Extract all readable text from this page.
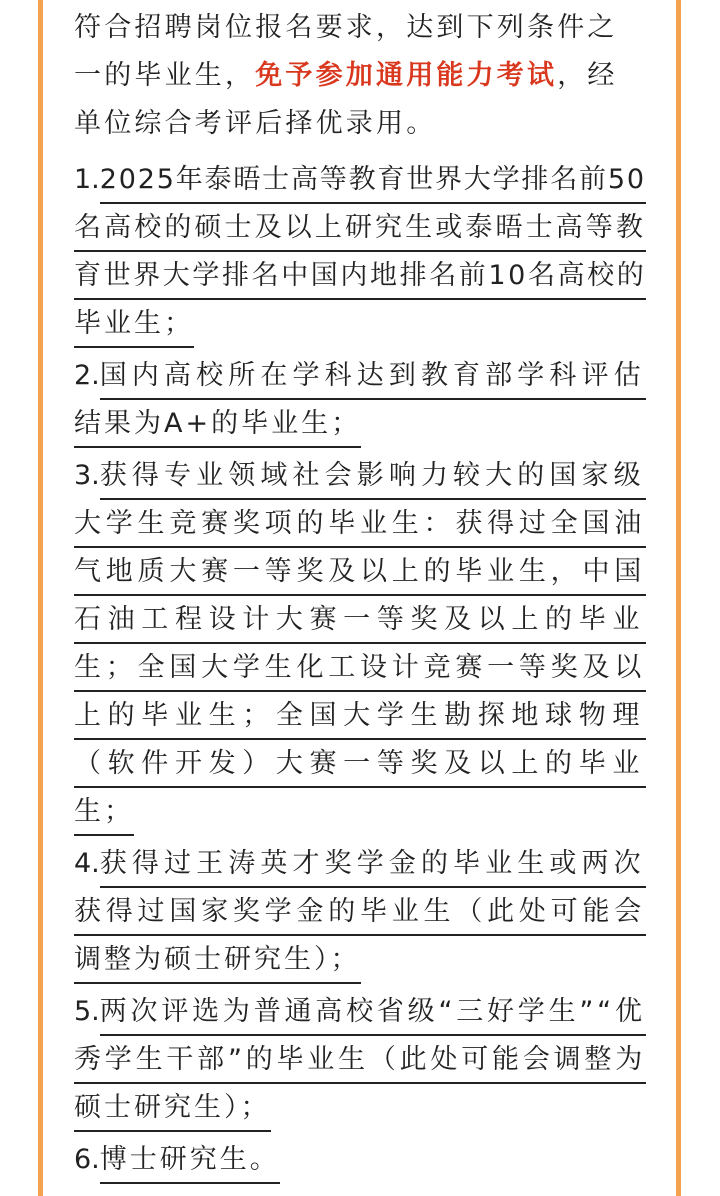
符合招聘岗位报名要求，达到下列条件之一的毕业生，免予参加通用能力考试，经单位综合考评后择优录用。

1.2025年泰晤士高等教育世界大学排名前50
名高校的硕士及以上研究生或泰晤士高等教
育世界大学排名中国内地排名前10名高校的
毕业生；
2.国内高校所在学科达到教育部学科评估
结果为A+的毕业生；
3.获得专业领域社会影响力较大的国家级
大学生竞赛奖项的毕业生：获得过全国油
气地质大赛一等奖及以上的毕业生，中国
石油工程设计大赛一等奖及以上的毕业
生；全国大学生化工设计竞赛一等奖及以
上的毕业生；全国大学生勘探地球物理
（软件开发）大赛一等奖及以上的毕业
生；
4.获得过王涛英才奖学金的毕业生或两次
获得过国家奖学金的毕业生（此处可能会
调整为硕士研究生）；
5.两次评选为普通高校省级“三好学生”“优
秀学生干部”的毕业生（此处可能会调整为
硕士研究生）；
6.博士研究生。
